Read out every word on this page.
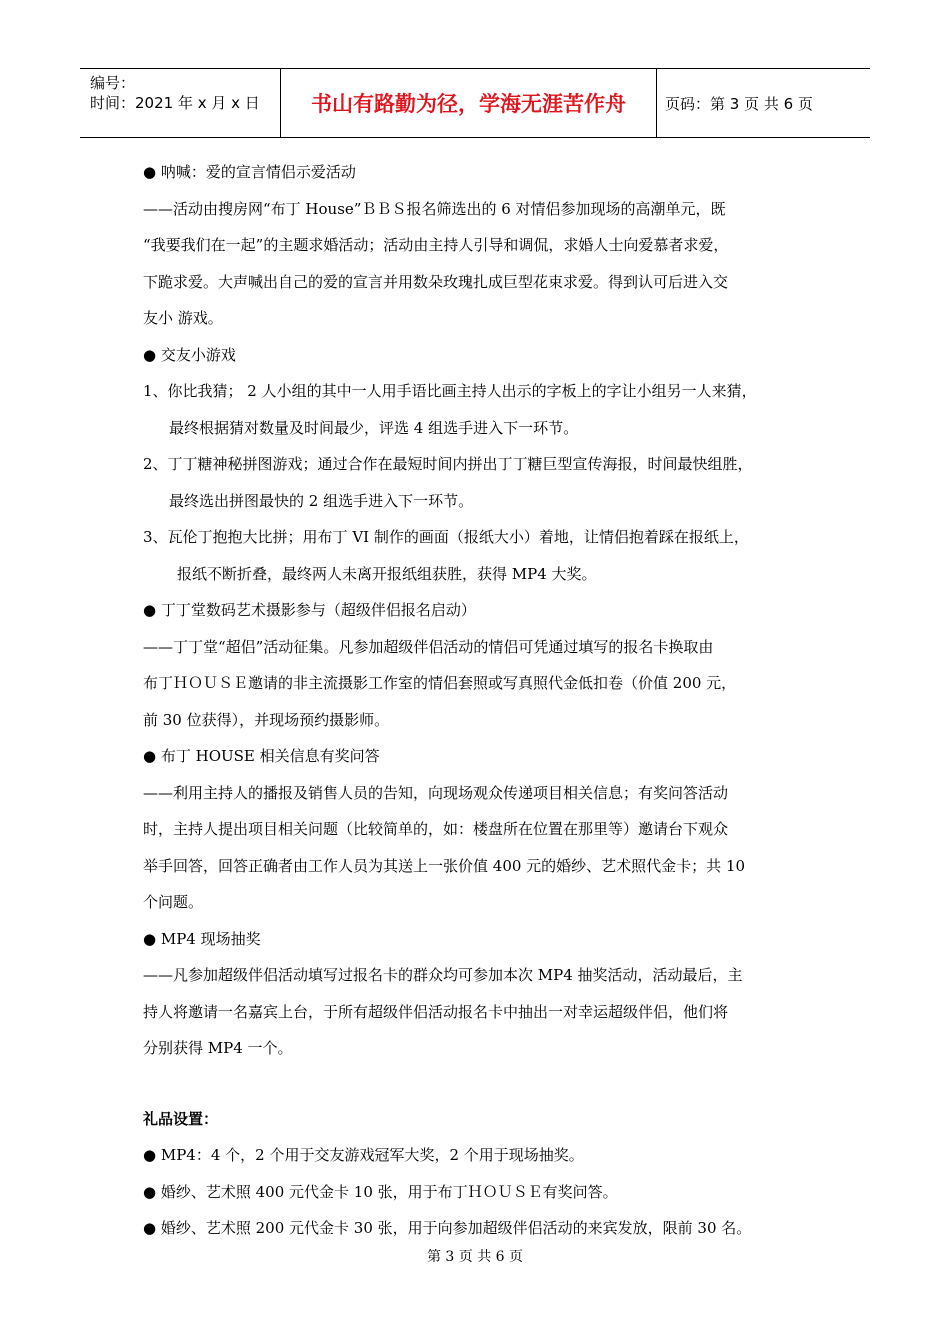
编号：
时间：2021 年 x 月 x 日	书山有路勤为径，学海无涯苦作舟	页码：第 3 页 共 6 页
● 呐喊：爱的宣言情侣示爱活动
——活动由搜房网“布丁 House”ＢＢＳ报名筛选出的 6 对情侣参加现场的高潮单元，既
“我要我们在一起”的主题求婚活动；活动由主持人引导和调侃，求婚人士向爱慕者求爱，
下跪求爱。大声喊出自己的爱的宣言并用数朵玫瑰扎成巨型花束求爱。得到认可后进入交
友小 游戏。
● 交友小游戏
1、你比我猜； 2 人小组的其中一人用手语比画主持人出示的字板上的字让小组另一人来猜，
最终根据猜对数量及时间最少，评选 4 组选手进入下一环节。
2、丁丁糖神秘拼图游戏；通过合作在最短时间内拼出丁丁糖巨型宣传海报，时间最快组胜，
最终选出拼图最快的 2 组选手进入下一环节。
3、瓦伦丁抱抱大比拼；用布丁 VI 制作的画面（报纸大小）着地，让情侣抱着踩在报纸上，
报纸不断折叠，最终两人未离开报纸组获胜，获得 MP4 大奖。
● 丁丁堂数码艺术摄影参与（超级伴侣报名启动）
——丁丁堂“超侣”活动征集。凡参加超级伴侣活动的情侣可凭通过填写的报名卡换取由
布丁ＨＯＵＳＥ邀请的非主流摄影工作室的情侣套照或写真照代金低扣卷（价值 200 元，
前 30 位获得），并现场预约摄影师。
● 布丁 HOUSE 相关信息有奖问答
——利用主持人的播报及销售人员的告知，向现场观众传递项目相关信息；有奖问答活动
时，主持人提出项目相关问题（比较简单的，如：楼盘所在位置在那里等）邀请台下观众
举手回答，回答正确者由工作人员为其送上一张价值 400 元的婚纱、艺术照代金卡；共 10
个问题。
● MP4 现场抽奖
——凡参加超级伴侣活动填写过报名卡的群众均可参加本次 MP4 抽奖活动，活动最后，主
持人将邀请一名嘉宾上台，于所有超级伴侣活动报名卡中抽出一对幸运超级伴侣，他们将
分别获得 MP4 一个。
礼品设置：
● MP4：4 个，2 个用于交友游戏冠军大奖，2 个用于现场抽奖。
● 婚纱、艺术照 400 元代金卡 10 张，用于布丁ＨＯＵＳＥ有奖问答。
● 婚纱、艺术照 200 元代金卡 30 张，用于向参加超级伴侣活动的来宾发放，限前 30 名。
第 3 页 共 6 页
